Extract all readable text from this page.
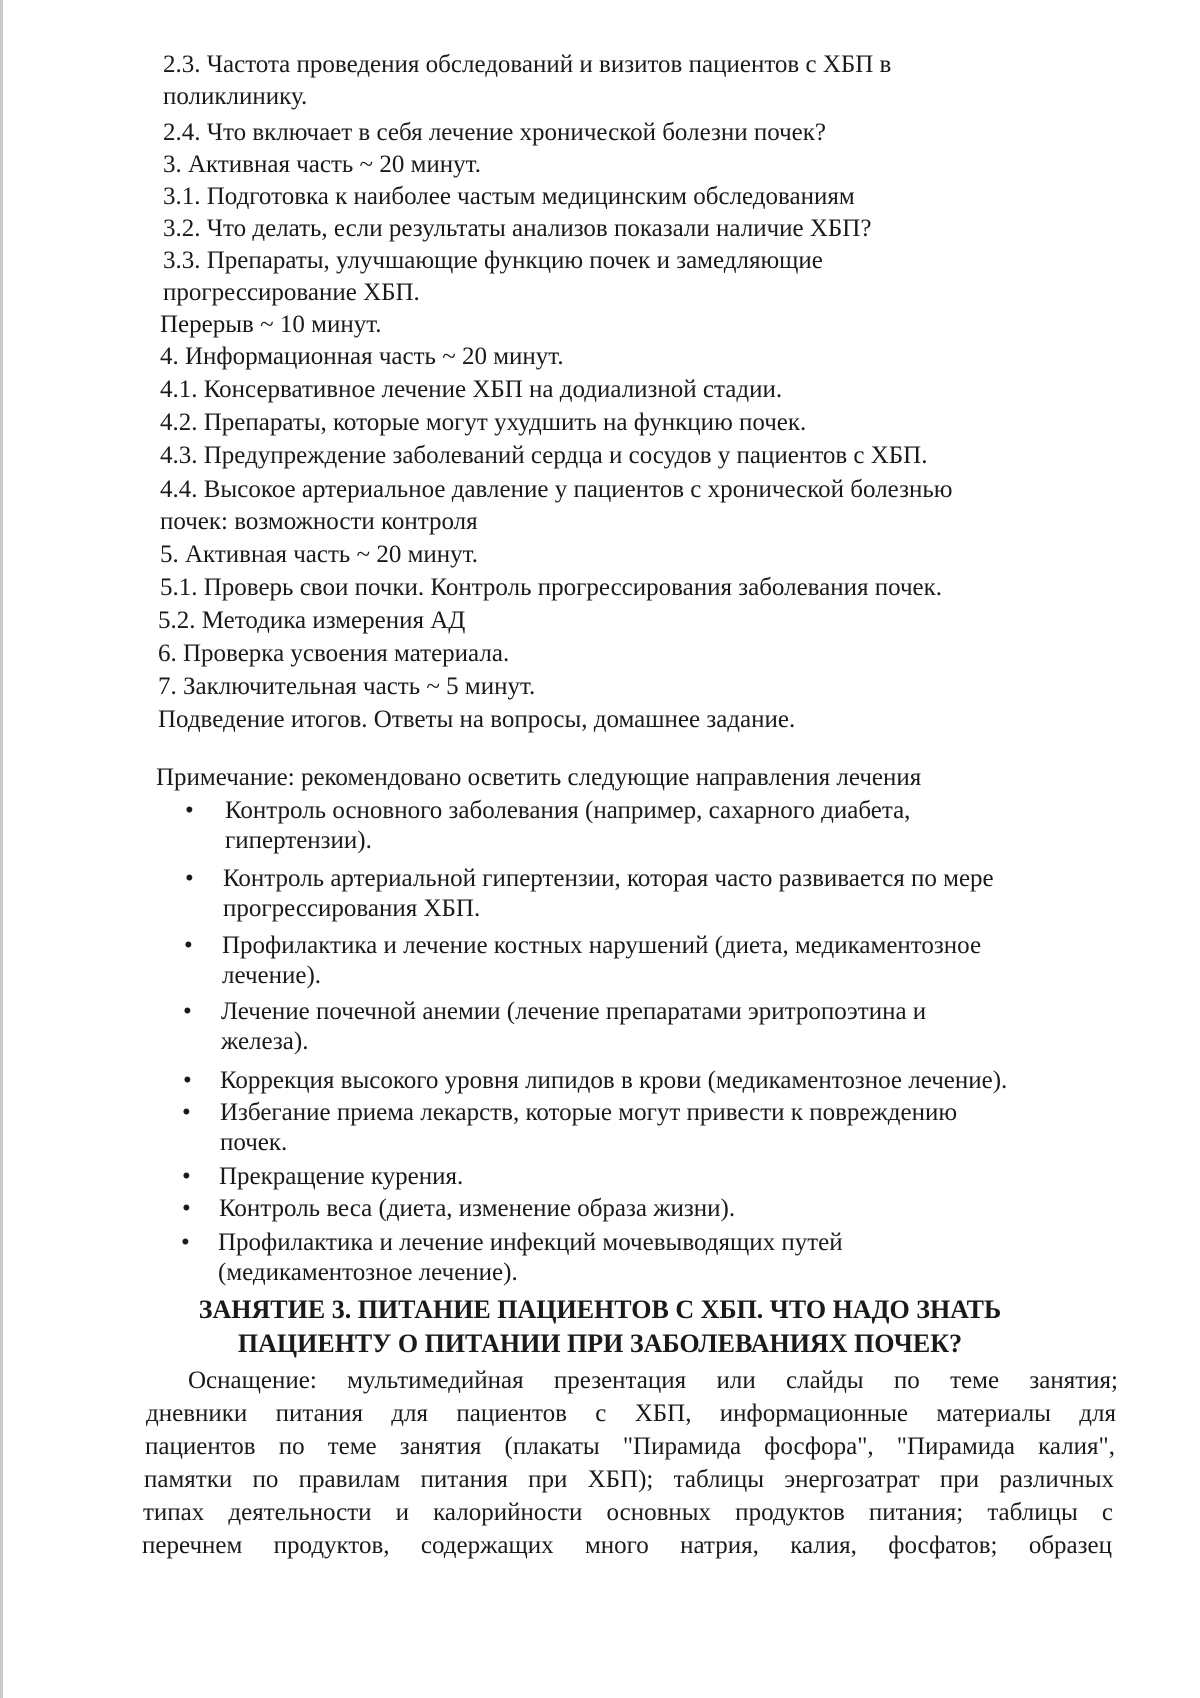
2.3. Частота проведения обследований и визитов пациентов с ХБП в
поликлинику.
2.4. Что включает в себя лечение хронической болезни почек?
3. Активная часть ~ 20 минут.
3.1. Подготовка к наиболее частым медицинским обследованиям
3.2. Что делать, если результаты анализов показали наличие ХБП?
3.3. Препараты, улучшающие функцию почек и замедляющие
прогрессирование ХБП.
Перерыв ~ 10 минут.
4. Информационная часть ~ 20 минут.
4.1. Консервативное лечение ХБП на додиализной стадии.
4.2. Препараты, которые могут ухудшить на функцию почек.
4.3. Предупреждение заболеваний сердца и сосудов у пациентов с ХБП.
4.4. Высокое артериальное давление у пациентов с хронической болезнью
почек: возможности контроля
5. Активная часть ~ 20 минут.
5.1. Проверь свои почки. Контроль прогрессирования заболевания почек.
5.2. Методика измерения АД
6. Проверка усвоения материала.
7. Заключительная часть ~ 5 минут.
Подведение итогов. Ответы на вопросы, домашнее задание.
Примечание: рекомендовано осветить следующие направления лечения
• Контроль основного заболевания (например, сахарного диабета,
гипертензии).
• Контроль артериальной гипертензии, которая часто развивается по мере
прогрессирования ХБП.
• Профилактика и лечение костных нарушений (диета, медикаментозное
лечение).
• Лечение почечной анемии (лечение препаратами эритропоэтина и
железа).
• Коррекция высокого уровня липидов в крови (медикаментозное лечение).
• Избегание приема лекарств, которые могут привести к повреждению
почек.
• Прекращение курения.
• Контроль веса (диета, изменение образа жизни).
• Профилактика и лечение инфекций мочевыводящих путей
(медикаментозное лечение).
ЗАНЯТИЕ 3. ПИТАНИЕ ПАЦИЕНТОВ С ХБП. ЧТО НАДО ЗНАТЬ
ПАЦИЕНТУ О ПИТАНИИ ПРИ ЗАБОЛЕВАНИЯХ ПОЧЕК?
Оснащение: мультимедийная презентация или слайды по теме занятия;
дневники питания для пациентов с ХБП, информационные материалы для
пациентов по теме занятия (плакаты "Пирамида фосфора", "Пирамида калия",
памятки по правилам питания при ХБП); таблицы энергозатрат при различных
типах деятельности и калорийности основных продуктов питания; таблицы с
перечнем продуктов, содержащих много натрия, калия, фосфатов; образец
